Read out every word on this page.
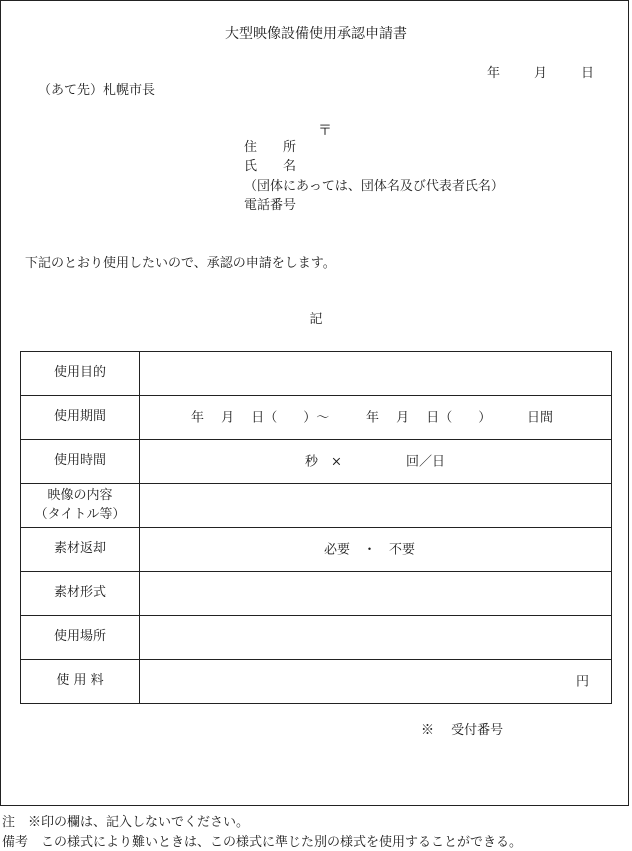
大型映像設備使用承認申請書
年	月	日
（あて先）札幌市長
〒
住　　所
氏　　名
（団体にあっては、団体名及び代表者氏名）
電話番号
下記のとおり使用したいので、承認の申請をします。
記
使用目的	
使用期間	年　 月　 日（　　）～ 年　 月　 日（　　） 日間

使用時間	秒　× 回／日

映像の内容
（タイトル等）	

素材返却	必要　・　不要

素材形式	
使用場所	
使 用 料	円
※　 受付番号
注　※印の欄は、記入しないでください。
備考　この様式により難いときは、この様式に準じた別の様式を使用することができる。
